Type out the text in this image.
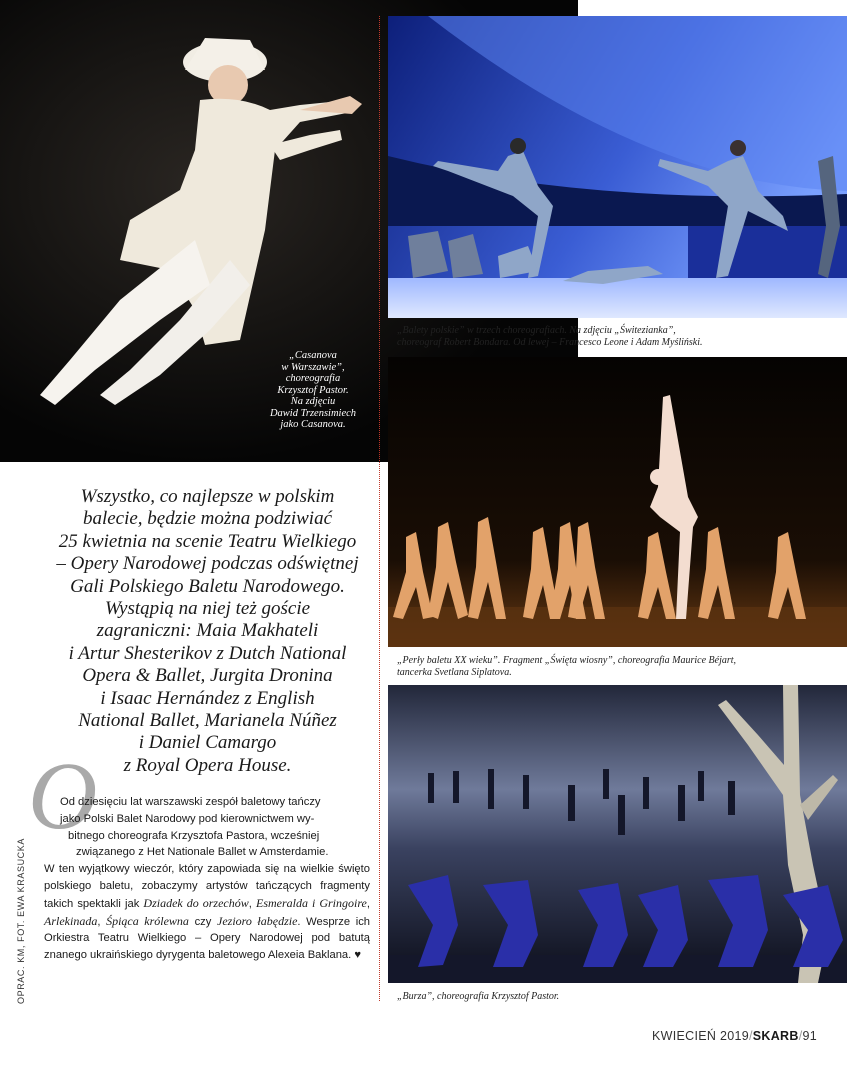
„Casanova
w Warszawie”,
choreografia
Krzysztof Pastor.
Na zdjęciu
Dawid Trzensimiech
jako Casanova.
„Balety polskie” w trzech choreografiach. Na zdjęciu „Świtezianka”,
choreograf Robert Bondara. Od lewej – Francesco Leone i Adam Myśliński.
„Perły baletu XX wieku”. Fragment „Święta wiosny”, choreografia Maurice Béjart,
tancerka Svetlana Siplatova.
„Burza”, choreografia Krzysztof Pastor.
Wszystko, co najlepsze w polskim
balecie, będzie można podziwiać
25 kwietnia na scenie Teatru Wielkiego
– Opery Narodowej podczas odświętnej
Gali Polskiego Baletu Narodowego.
Wystąpią na niej też goście
zagraniczni: Maia Makhateli
i Artur Shesterikov z Dutch National
Opera & Ballet, Jurgita Dronina
i Isaac Hernández z English
National Ballet, Marianela Núñez
i Daniel Camargo
z Royal Opera House.
O

Od dziesięciu lat warszawski zespół baletowy tańczy
jako Polski Balet Narodowy pod kierownictwem wy-
bitnego choreografa Krzysztofa Pastora, wcześniej
związanego z Het Nationale Ballet w Amsterdamie.

W ten wyjątkowy wieczór, który zapowiada się na wielkie święto polskiego baletu, zobaczymy artystów tańczących fragmenty takich spektakli jak Dziadek do orzechów, Esmeralda i Gringoire, Arlekinada, Śpiąca królewna czy Jezioro łabędzie. Wesprze ich Orkiestra Teatru Wielkiego – Opery Narodowej pod batutą znanego ukraińskiego dyrygenta baletowego Alexeia Baklana. ♥

OPRAC. KM, FOT. EWA KRASUCKA
KWIECIEŃ 2019/SKARB/91
